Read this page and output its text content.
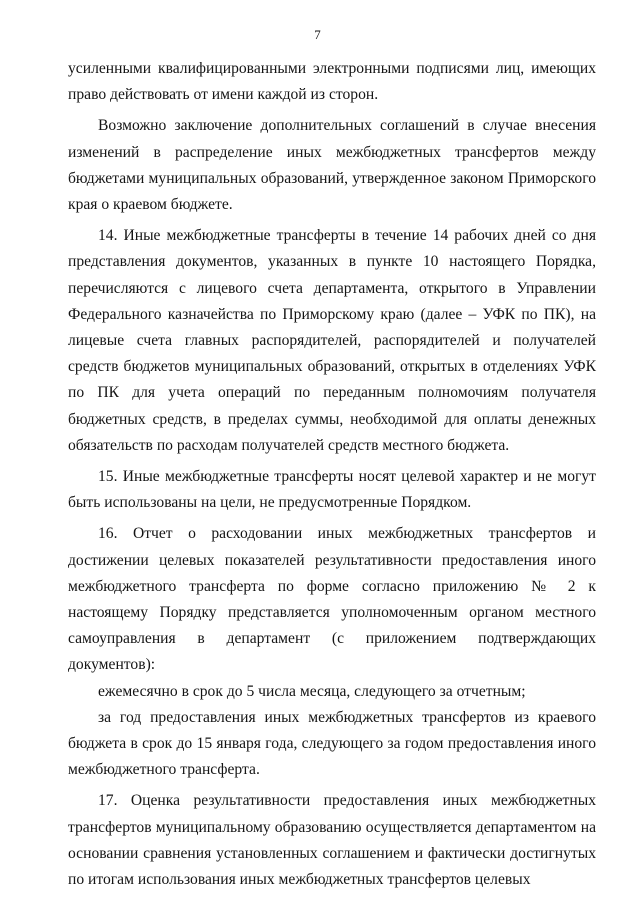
7

усиленными квалифицированными электронными подписями лиц, имеющих право действовать от имени каждой из сторон.

Возможно заключение дополнительных соглашений в случае внесения изменений в распределение иных межбюджетных трансфертов между бюджетами муниципальных образований, утвержденное законом Приморского края о краевом бюджете.

14. Иные межбюджетные трансферты в течение 14 рабочих дней со дня представления документов, указанных в пункте 10 настоящего Порядка, перечисляются с лицевого счета департамента, открытого в Управлении Федерального казначейства по Приморскому краю (далее – УФК по ПК), на лицевые счета главных распорядителей, распорядителей и получателей средств бюджетов муниципальных образований, открытых в отделениях УФК по ПК для учета операций по переданным полномочиям получателя бюджетных средств, в пределах суммы, необходимой для оплаты денежных обязательств по расходам получателей средств местного бюджета.

15. Иные межбюджетные трансферты носят целевой характер и не могут быть использованы на цели, не предусмотренные Порядком.

16. Отчет о расходовании иных межбюджетных трансфертов и достижении целевых показателей результативности предоставления иного межбюджетного трансферта по форме согласно приложению № 2 к настоящему Порядку представляется уполномоченным органом местного самоуправления в департамент (с приложением подтверждающих документов):

ежемесячно в срок до 5 числа месяца, следующего за отчетным;

за год предоставления иных межбюджетных трансфертов из краевого бюджета в срок до 15 января года, следующего за годом предоставления иного межбюджетного трансферта.

17. Оценка результативности предоставления иных межбюджетных трансфертов муниципальному образованию осуществляется департаментом на основании сравнения установленных соглашением и фактически достигнутых по итогам использования иных межбюджетных трансфертов целевых
